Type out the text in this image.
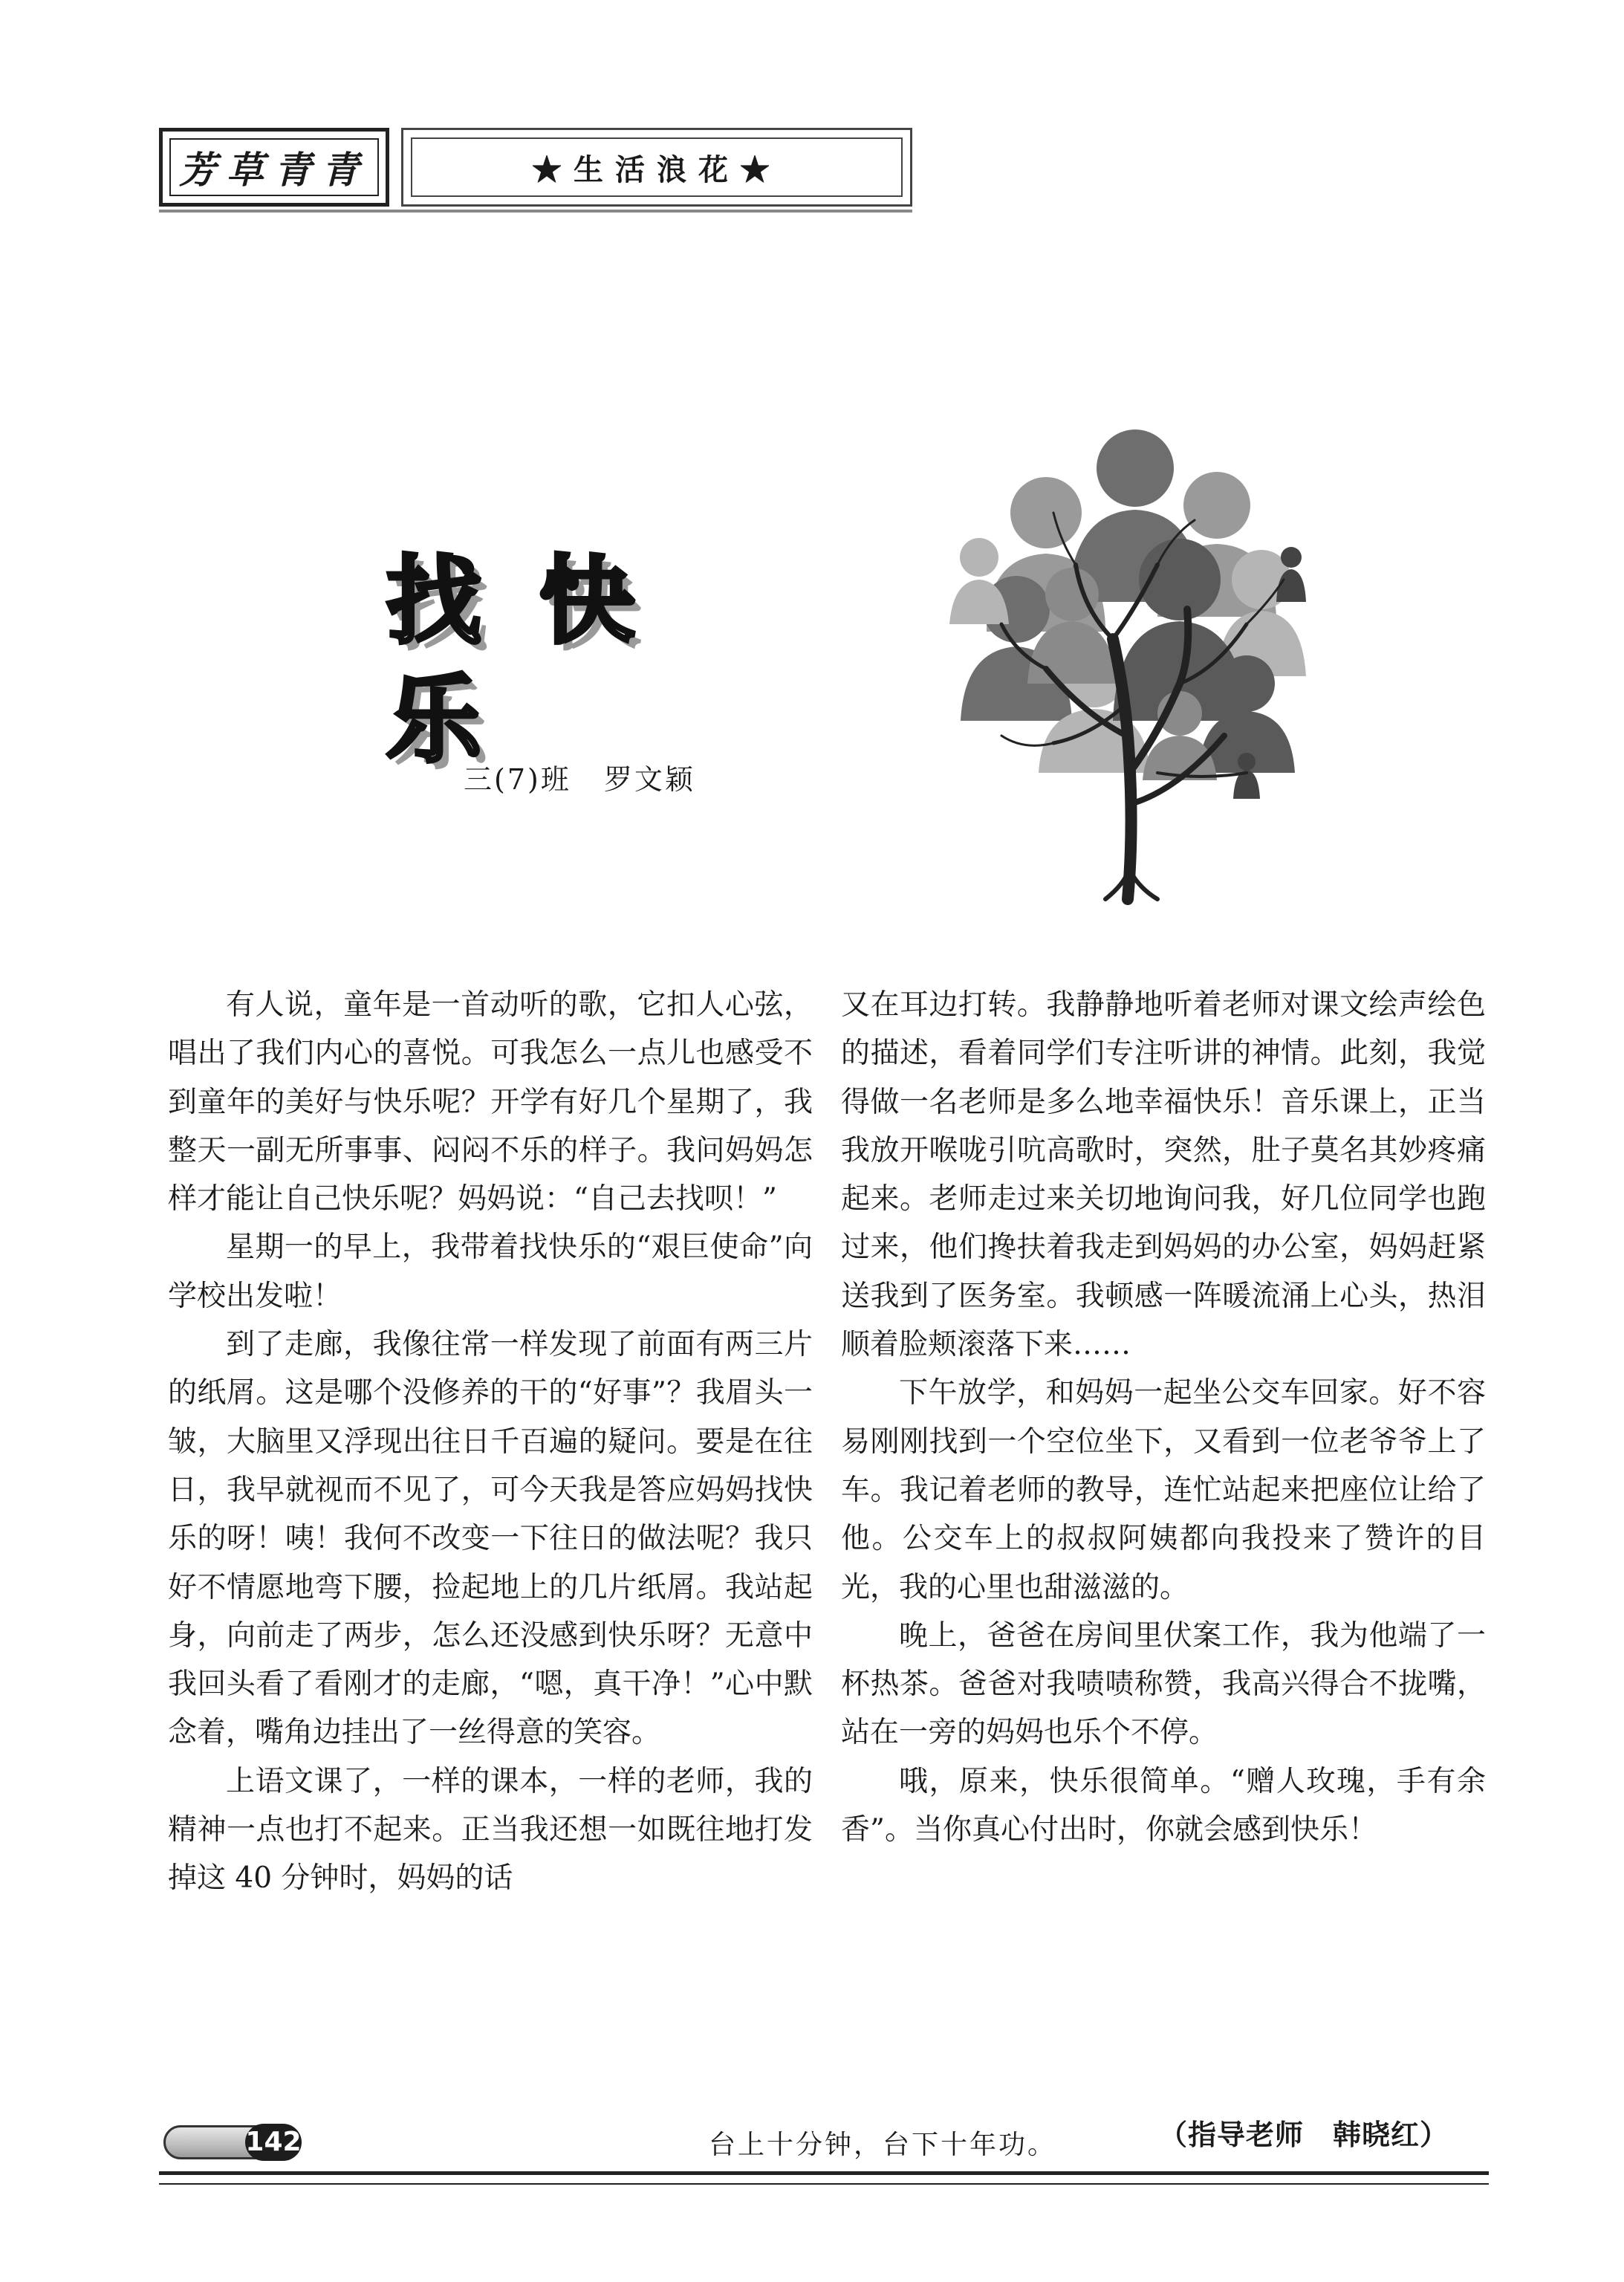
芳草青青	★生活浪花★
找快乐
三(7)班 罗文颖

有人说，童年是一首动听的歌，它扣人心弦，唱出了我们内心的喜悦。可我怎么一点儿也感受不到童年的美好与快乐呢？开学有好几个星期了，我整天一副无所事事、闷闷不乐的样子。我问妈妈怎样才能让自己快乐呢？妈妈说：“自己去找呗！”

星期一的早上，我带着找快乐的“艰巨使命”向学校出发啦！

到了走廊，我像往常一样发现了前面有两三片的纸屑。这是哪个没修养的干的“好事”？我眉头一皱，大脑里又浮现出往日千百遍的疑问。要是在往日，我早就视而不见了，可今天我是答应妈妈找快乐的呀！咦！我何不改变一下往日的做法呢？我只好不情愿地弯下腰，捡起地上的几片纸屑。我站起身，向前走了两步，怎么还没感到快乐呀？无意中我回头看了看刚才的走廊，“嗯，真干净！”心中默念着，嘴角边挂出了一丝得意的笑容。

上语文课了，一样的课本，一样的老师，我的精神一点也打不起来。正当我还想一如既往地打发掉这 40 分钟时，妈妈的话

又在耳边打转。我静静地听着老师对课文绘声绘色的描述，看着同学们专注听讲的神情。此刻，我觉得做一名老师是多么地幸福快乐！音乐课上，正当我放开喉咙引吭高歌时，突然，肚子莫名其妙疼痛起来。老师走过来关切地询问我，好几位同学也跑过来，他们搀扶着我走到妈妈的办公室，妈妈赶紧送我到了医务室。我顿感一阵暖流涌上心头，热泪顺着脸颊滚落下来……

下午放学，和妈妈一起坐公交车回家。好不容易刚刚找到一个空位坐下，又看到一位老爷爷上了车。我记着老师的教导，连忙站起来把座位让给了他。公交车上的叔叔阿姨都向我投来了赞许的目光，我的心里也甜滋滋的。

晚上，爸爸在房间里伏案工作，我为他端了一杯热茶。爸爸对我啧啧称赞，我高兴得合不拢嘴，站在一旁的妈妈也乐个不停。

哦，原来，快乐很简单。“赠人玫瑰，手有余香”。当你真心付出时，你就会感到快乐！

（指导老师　韩晓红）
142	台上十分钟，台下十年功。
